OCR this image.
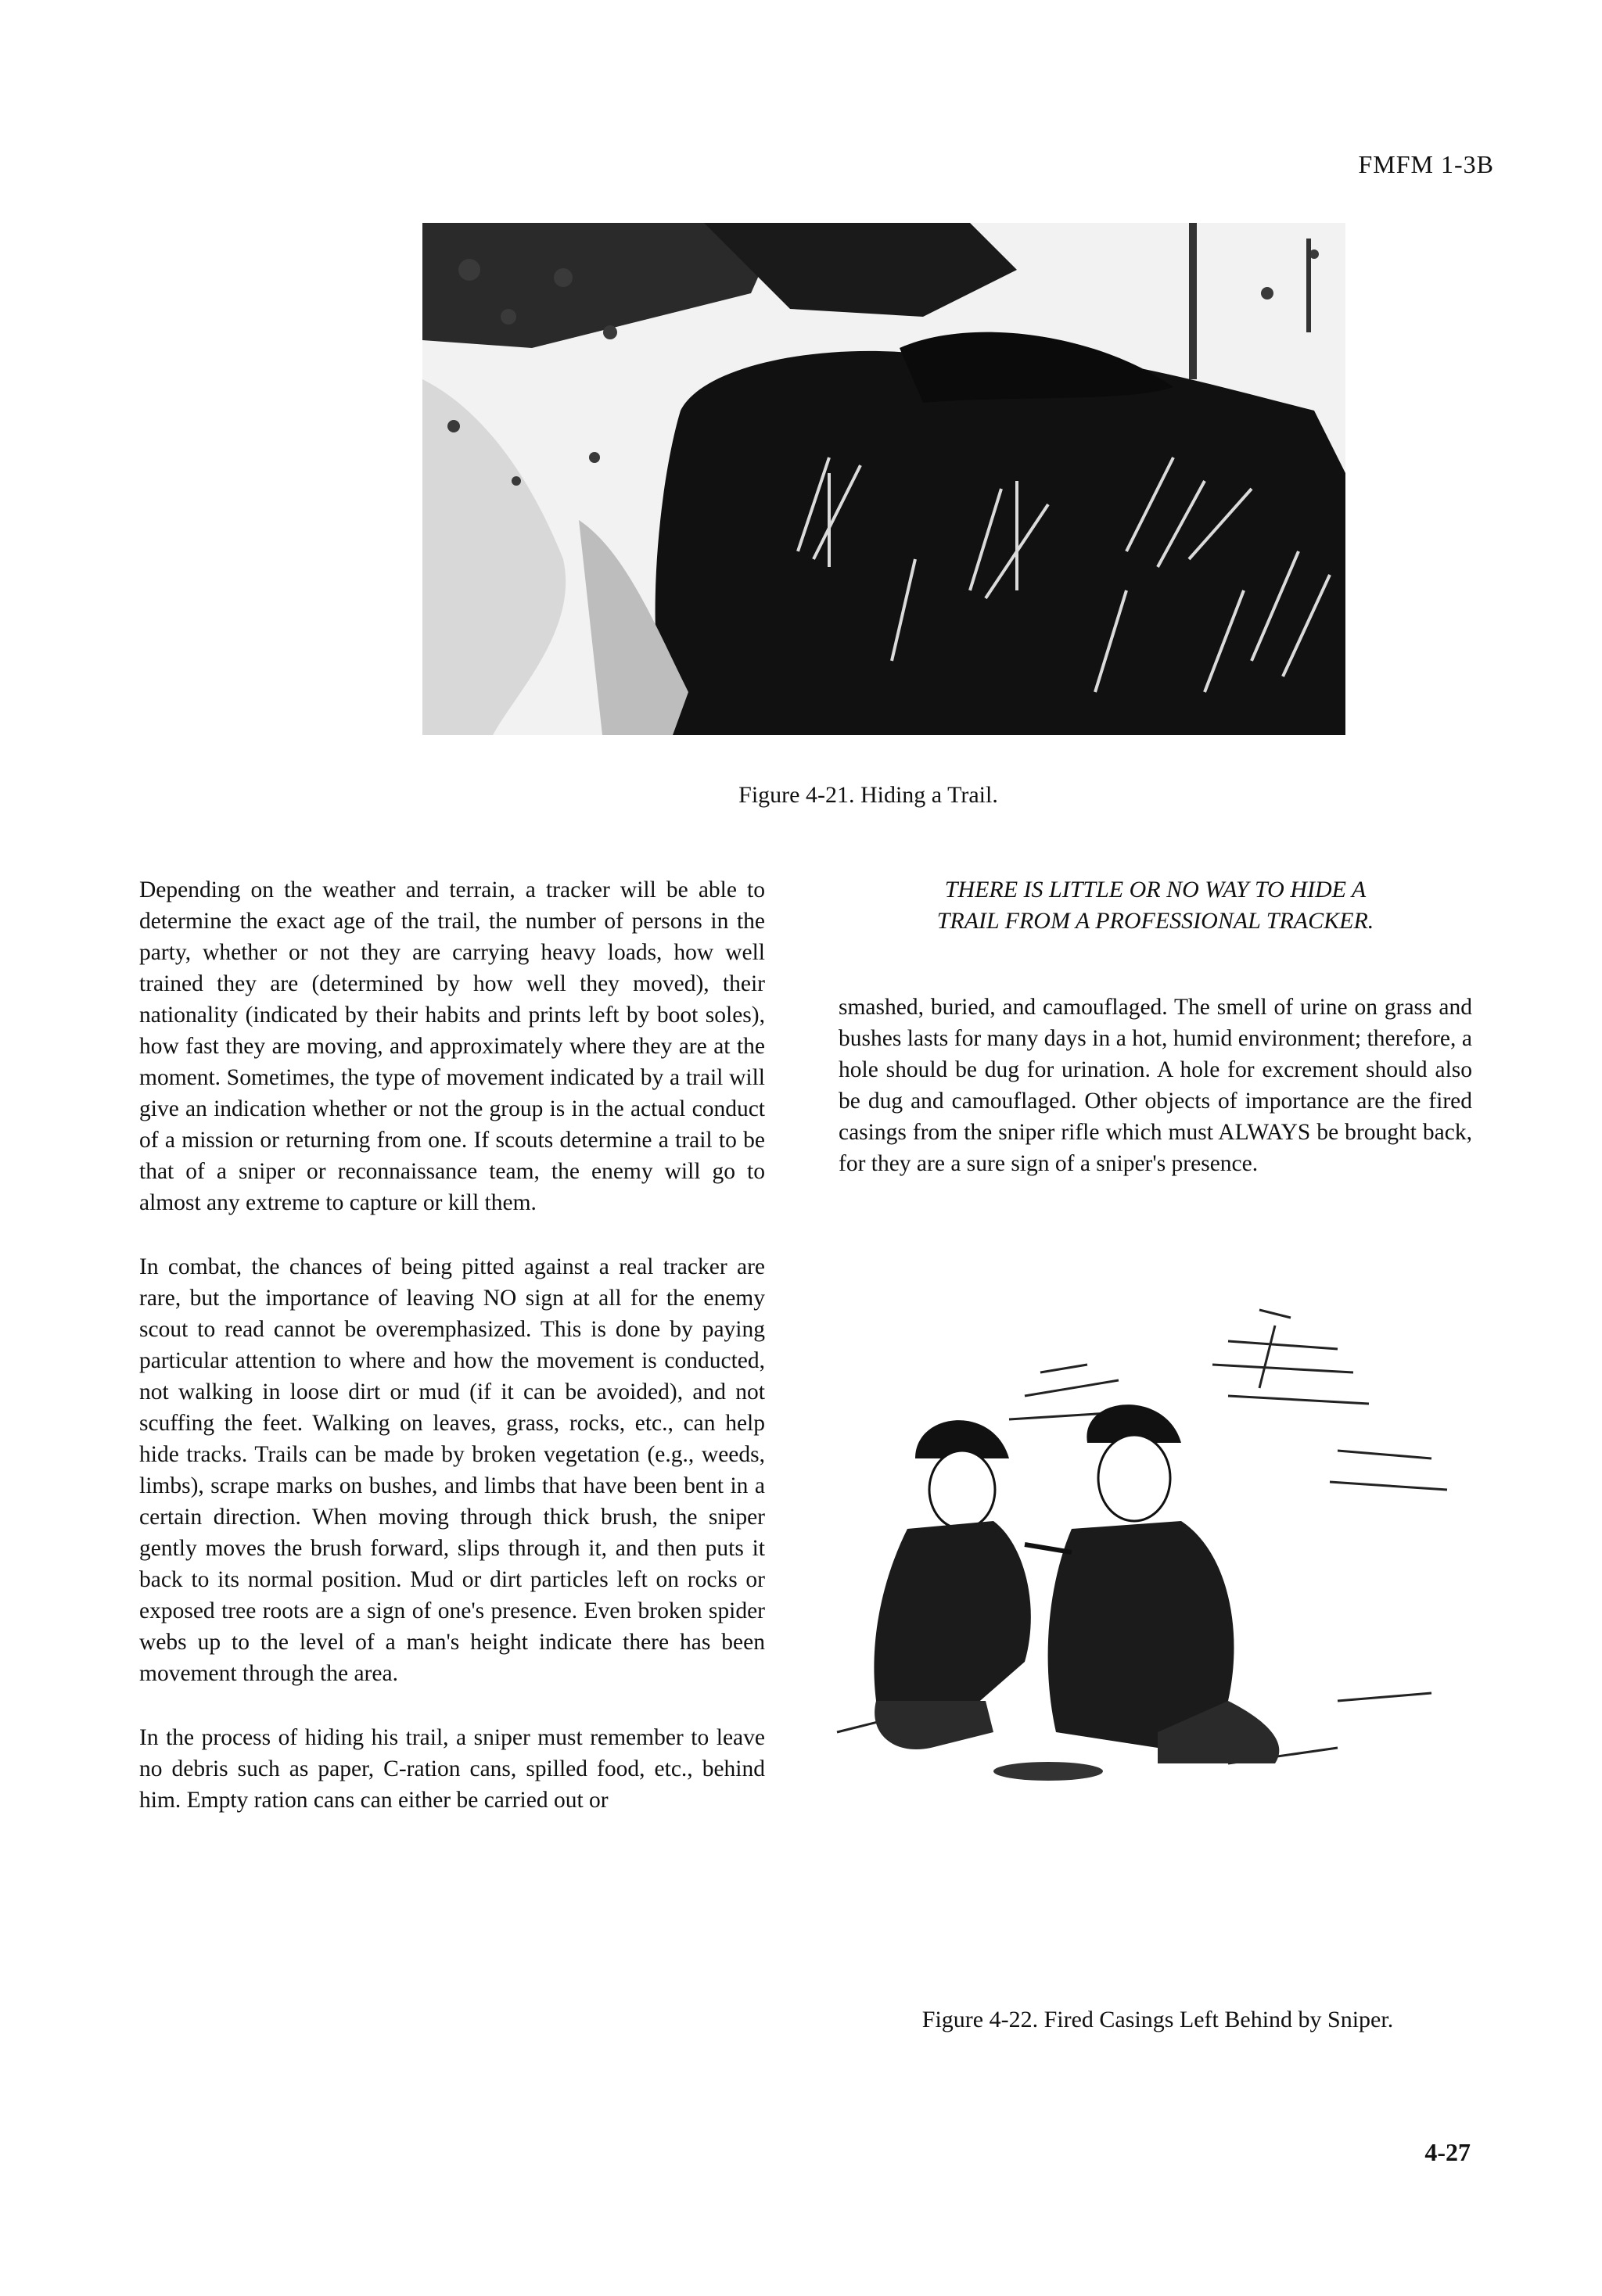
FMFM 1-3B
Figure 4-21. Hiding a Trail.

Depending on the weather and terrain, a tracker will be able to determine the exact age of the trail, the number of persons in the party, whether or not they are carrying heavy loads, how well trained they are (determined by how well they moved), their nationality (indicated by their habits and prints left by boot soles), how fast they are moving, and approximately where they are at the moment. Sometimes, the type of movement indicated by a trail will give an indication whether or not the group is in the actual conduct of a mission or returning from one. If scouts determine a trail to be that of a sniper or reconnaissance team, the enemy will go to almost any extreme to capture or kill them.

In combat, the chances of being pitted against a real tracker are rare, but the importance of leaving NO sign at all for the enemy scout to read cannot be overemphasized. This is done by paying particular attention to where and how the movement is conducted, not walking in loose dirt or mud (if it can be avoided), and not scuffing the feet. Walking on leaves, grass, rocks, etc., can help hide tracks. Trails can be made by broken vegetation (e.g., weeds, limbs), scrape marks on bushes, and limbs that have been bent in a certain direction. When moving through thick brush, the sniper gently moves the brush forward, slips through it, and then puts it back to its normal position. Mud or dirt particles left on rocks or exposed tree roots are a sign of one's presence. Even broken spider webs up to the level of a man's height indicate there has been movement through the area.

In the process of hiding his trail, a sniper must remember to leave no debris such as paper, C-ration cans, spilled food, etc., behind him. Empty ration cans can either be carried out or

THERE IS LITTLE OR NO WAY TO HIDE A
TRAIL FROM A PROFESSIONAL TRACKER.

smashed, buried, and camouflaged. The smell of urine on grass and bushes lasts for many days in a hot, humid environment; therefore, a hole should be dug for urination. A hole for excrement should also be dug and camouflaged. Other objects of importance are the fired casings from the sniper rifle which must ALWAYS be brought back, for they are a sure sign of a sniper's presence.

Figure 4-22. Fired Casings Left Behind by Sniper.
4-27
